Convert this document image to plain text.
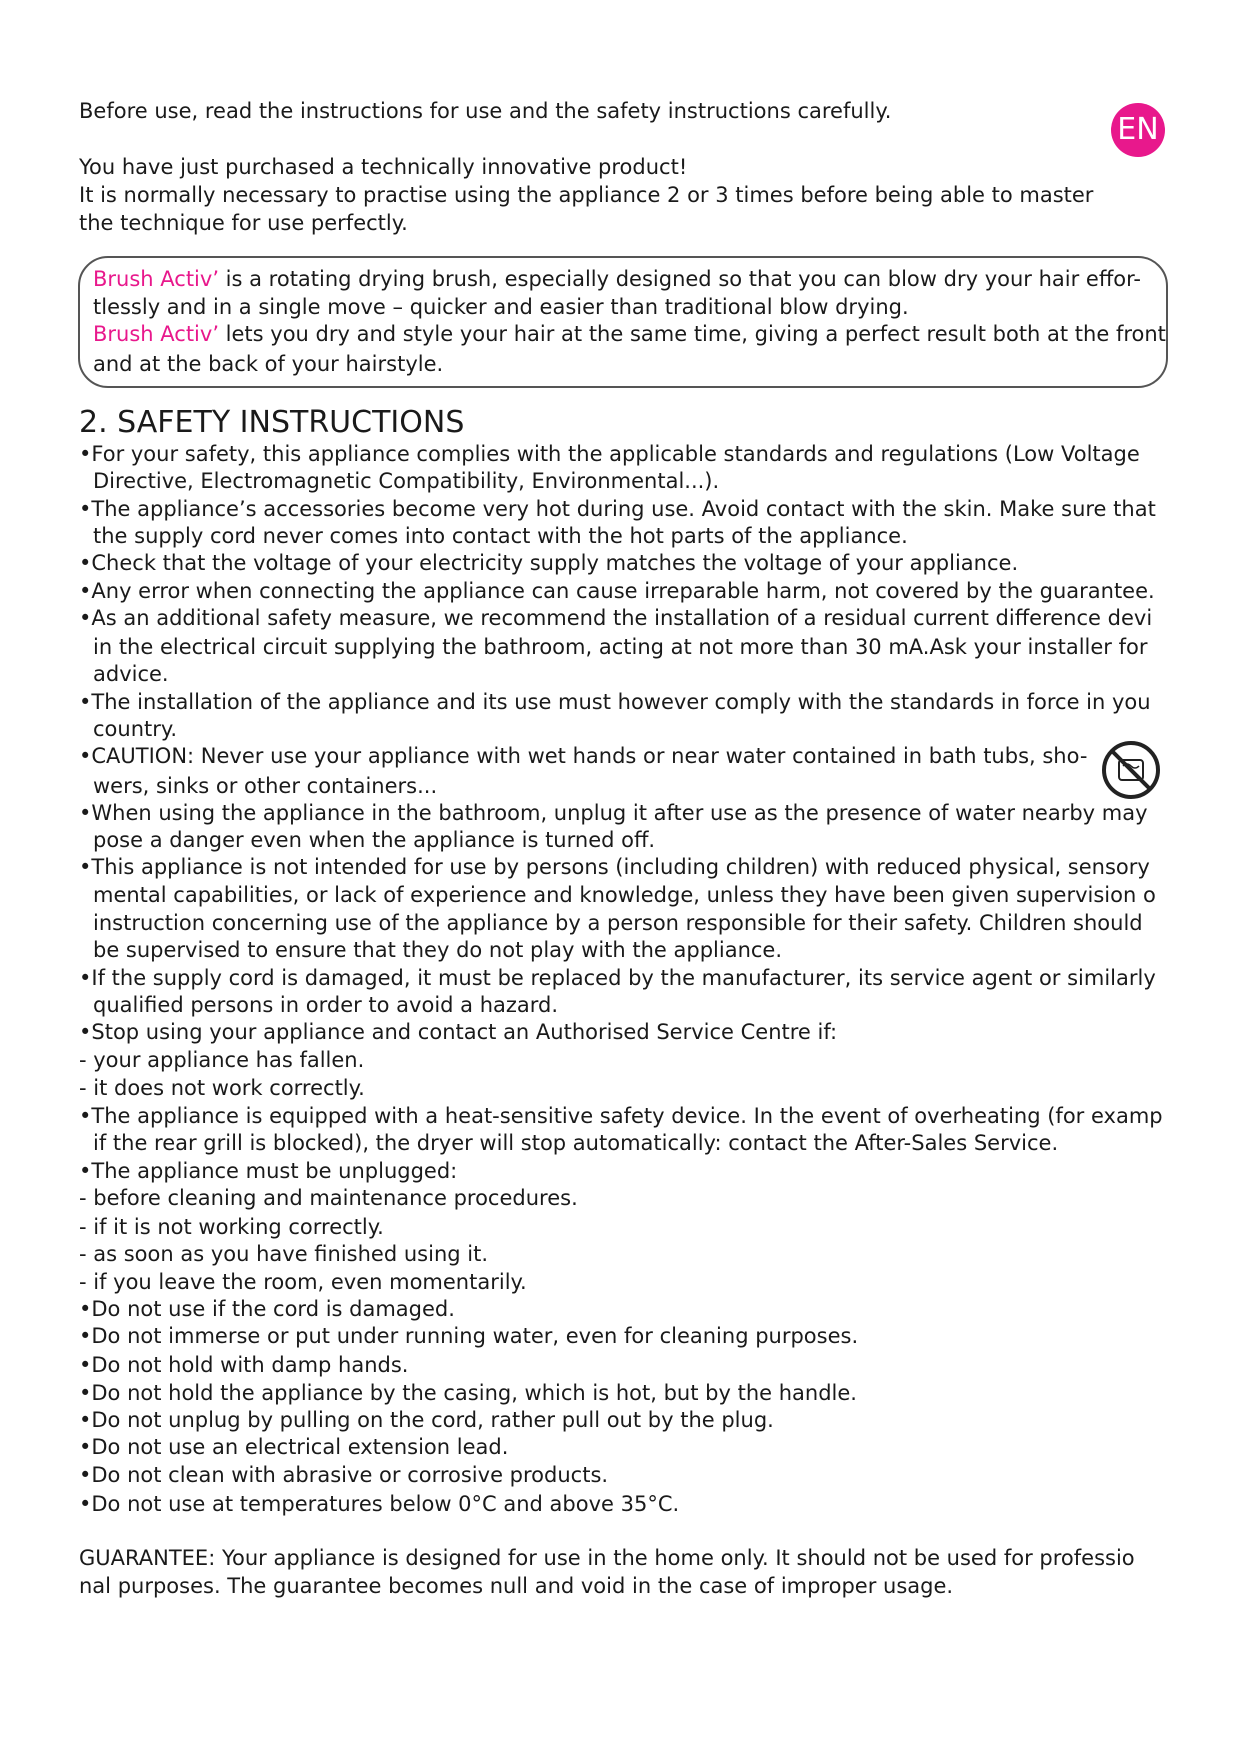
Before use, read the instructions for use and the safety instructions carefully.
EN
You have just purchased a technically innovative product!
It is normally necessary to practise using the appliance 2 or 3 times before being able to master
the technique for use perfectly.
Brush Activ’ is a rotating drying brush, especially designed so that you can blow dry your hair effor-
tlessly and in a single move – quicker and easier than traditional blow drying.
Brush Activ’ lets you dry and style your hair at the same time, giving a perfect result both at the front
and at the back of your hairstyle.
2. SAFETY INSTRUCTIONS
• For your safety, this appliance complies with the applicable standards and regulations (Low Voltage
Directive, Electromagnetic Compatibility, Environmental...).
• The appliance’s accessories become very hot during use. Avoid contact with the skin. Make sure that
the supply cord never comes into contact with the hot parts of the appliance.
• Check that the voltage of your electricity supply matches the voltage of your appliance.
• Any error when connecting the appliance can cause irreparable harm, not covered by the guarantee.
• As an additional safety measure, we recommend the installation of a residual current difference devi
in the electrical circuit supplying the bathroom, acting at not more than 30 mA.Ask your installer for
advice.
• The installation of the appliance and its use must however comply with the standards in force in you
country.
• CAUTION: Never use your appliance with wet hands or near water contained in bath tubs, sho-
wers, sinks or other containers...
• When using the appliance in the bathroom, unplug it after use as the presence of water nearby may
pose a danger even when the appliance is turned off.
• This appliance is not intended for use by persons (including children) with reduced physical, sensory
mental capabilities, or lack of experience and knowledge, unless they have been given supervision o
instruction concerning use of the appliance by a person responsible for their safety. Children should
be supervised to ensure that they do not play with the appliance.
• If the supply cord is damaged, it must be replaced by the manufacturer, its service agent or similarly
qualified persons in order to avoid a hazard.
• Stop using your appliance and contact an Authorised Service Centre if:
- your appliance has fallen.
- it does not work correctly.
• The appliance is equipped with a heat-sensitive safety device. In the event of overheating (for examp
if the rear grill is blocked), the dryer will stop automatically: contact the After-Sales Service.
• The appliance must be unplugged:
- before cleaning and maintenance procedures.
- if it is not working correctly.
- as soon as you have finished using it.
- if you leave the room, even momentarily.
• Do not use if the cord is damaged.
• Do not immerse or put under running water, even for cleaning purposes.
• Do not hold with damp hands.
• Do not hold the appliance by the casing, which is hot, but by the handle.
• Do not unplug by pulling on the cord, rather pull out by the plug.
• Do not use an electrical extension lead.
• Do not clean with abrasive or corrosive products.
• Do not use at temperatures below 0°C and above 35°C.
GUARANTEE: Your appliance is designed for use in the home only. It should not be used for professio
nal purposes. The guarantee becomes null and void in the case of improper usage.
